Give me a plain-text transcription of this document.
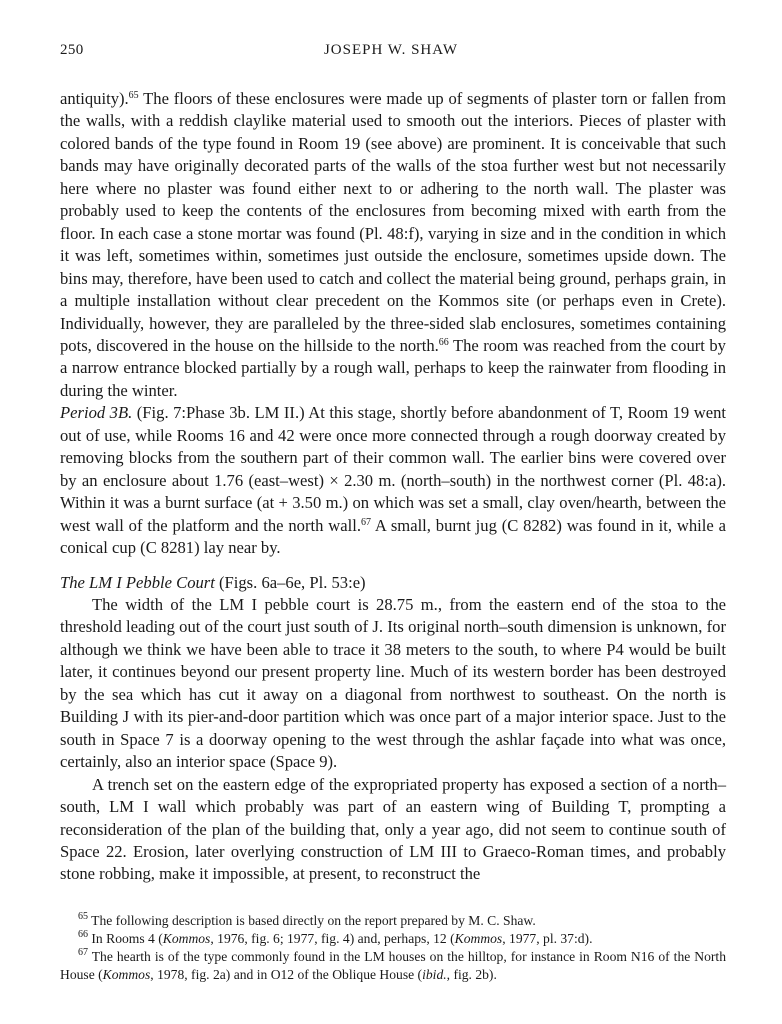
250	JOSEPH W. SHAW

antiquity).$^{65}$ The floors of these enclosures were made up of segments of plaster torn or fallen from the walls, with a reddish claylike material used to smooth out the interiors. Pieces of plaster with colored bands of the type found in Room 19 (see above) are prominent. It is conceivable that such bands may have originally decorated parts of the walls of the stoa further west but not necessarily here where no plaster was found either next to or adhering to the north wall. The plaster was probably used to keep the contents of the enclosures from becoming mixed with earth from the floor. In each case a stone mortar was found (Pl. 48:f), varying in size and in the condition in which it was left, sometimes within, sometimes just outside the enclosure, sometimes upside down. The bins may, therefore, have been used to catch and collect the material being ground, perhaps grain, in a multiple installation without clear precedent on the Kommos site (or perhaps even in Crete). Individually, however, they are paralleled by the three-sided slab enclosures, sometimes containing pots, discovered in the house on the hillside to the north.$^{66}$ The room was reached from the court by a narrow entrance blocked partially by a rough wall, perhaps to keep the rainwater from flooding in during the winter.

Period 3B. (Fig. 7:Phase 3b. LM II.) At this stage, shortly before abandonment of T, Room 19 went out of use, while Rooms 16 and 42 were once more connected through a rough doorway created by removing blocks from the southern part of their common wall. The earlier bins were covered over by an enclosure about 1.76 (east–west) × 2.30 m. (north–south) in the northwest corner (Pl. 48:a). Within it was a burnt surface (at + 3.50 m.) on which was set a small, clay oven/hearth, between the west wall of the platform and the north wall.$^{67}$ A small, burnt jug (C 8282) was found in it, while a conical cup (C 8281) lay near by.

The LM I Pebble Court (Figs. 6a–6e, Pl. 53:e)

The width of the LM I pebble court is 28.75 m., from the eastern end of the stoa to the threshold leading out of the court just south of J. Its original north–south dimension is unknown, for although we think we have been able to trace it 38 meters to the south, to where P4 would be built later, it continues beyond our present property line. Much of its western border has been destroyed by the sea which has cut it away on a diagonal from northwest to southeast. On the north is Building J with its pier-and-door partition which was once part of a major interior space. Just to the south in Space 7 is a doorway opening to the west through the ashlar façade into what was once, certainly, also an interior space (Space 9).

A trench set on the eastern edge of the expropriated property has exposed a section of a north–south, LM I wall which probably was part of an eastern wing of Building T, prompting a reconsideration of the plan of the building that, only a year ago, did not seem to continue south of Space 22. Erosion, later overlying construction of LM III to Graeco-Roman times, and probably stone robbing, make it impossible, at present, to reconstruct the

$^{65}$ The following description is based directly on the report prepared by M. C. Shaw.

$^{66}$ In Rooms 4 (Kommos, 1976, fig. 6; 1977, fig. 4) and, perhaps, 12 (Kommos, 1977, pl. 37:d).

$^{67}$ The hearth is of the type commonly found in the LM houses on the hilltop, for instance in Room N16 of the North House (Kommos, 1978, fig. 2a) and in O12 of the Oblique House (ibid., fig. 2b).
